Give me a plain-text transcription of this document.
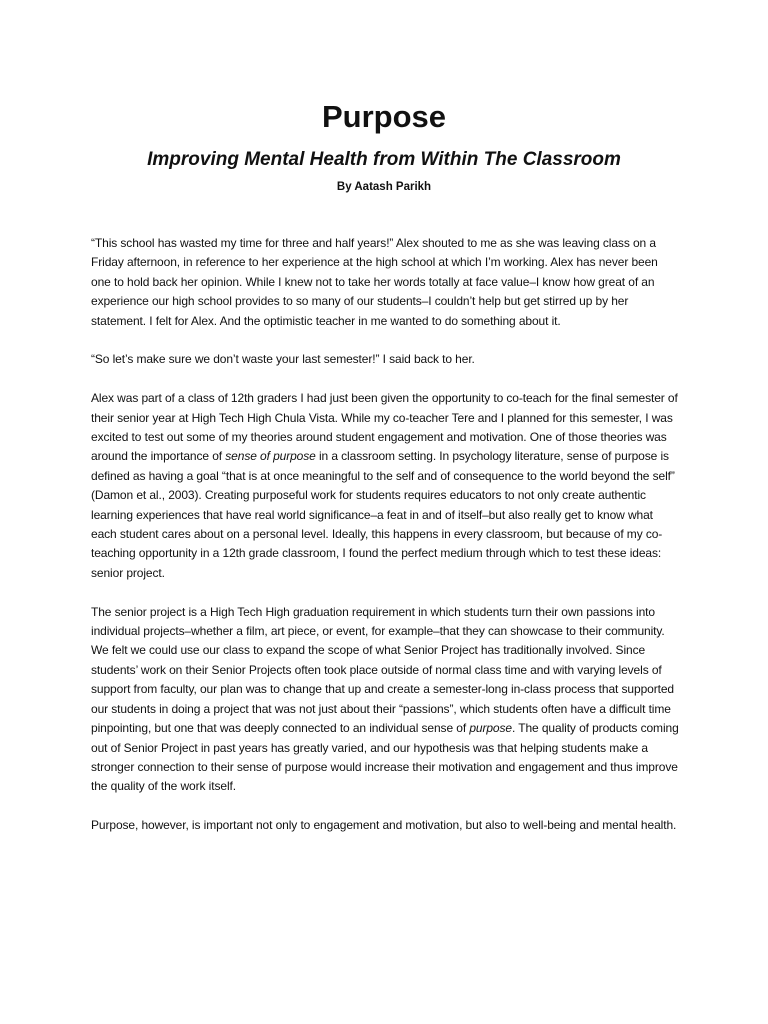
Purpose
Improving Mental Health from Within The Classroom
By Aatash Parikh

“This school has wasted my time for three and half years!” Alex shouted to me as she was leaving class on a Friday afternoon, in reference to her experience at the high school at which I’m working. Alex has never been one to hold back her opinion. While I knew not to take her words totally at face value–I know how great of an experience our high school provides to so many of our students–I couldn’t help but get stirred up by her statement. I felt for Alex. And the optimistic teacher in me wanted to do something about it.

“So let’s make sure we don’t waste your last semester!” I said back to her.

Alex was part of a class of 12th graders I had just been given the opportunity to co-teach for the final semester of their senior year at High Tech High Chula Vista. While my co-teacher Tere and I planned for this semester, I was excited to test out some of my theories around student engagement and motivation. One of those theories was around the importance of sense of purpose in a classroom setting. In psychology literature, sense of purpose is defined as having a goal “that is at once meaningful to the self and of consequence to the world beyond the self” (Damon et al., 2003). Creating purposeful work for students requires educators to not only create authentic learning experiences that have real world significance–a feat in and of itself–but also really get to know what each student cares about on a personal level. Ideally, this happens in every classroom, but because of my co-teaching opportunity in a 12th grade classroom, I found the perfect medium through which to test these ideas: senior project.

The senior project is a High Tech High graduation requirement in which students turn their own passions into individual projects–whether a film, art piece, or event, for example–that they can showcase to their community. We felt we could use our class to expand the scope of what Senior Project has traditionally involved. Since students’ work on their Senior Projects often took place outside of normal class time and with varying levels of support from faculty, our plan was to change that up and create a semester-long in-class process that supported our students in doing a project that was not just about their “passions”, which students often have a difficult time pinpointing, but one that was deeply connected to an individual sense of purpose. The quality of products coming out of Senior Project in past years has greatly varied, and our hypothesis was that helping students make a stronger connection to their sense of purpose would increase their motivation and engagement and thus improve the quality of the work itself.

Purpose, however, is important not only to engagement and motivation, but also to well-being and mental health.
